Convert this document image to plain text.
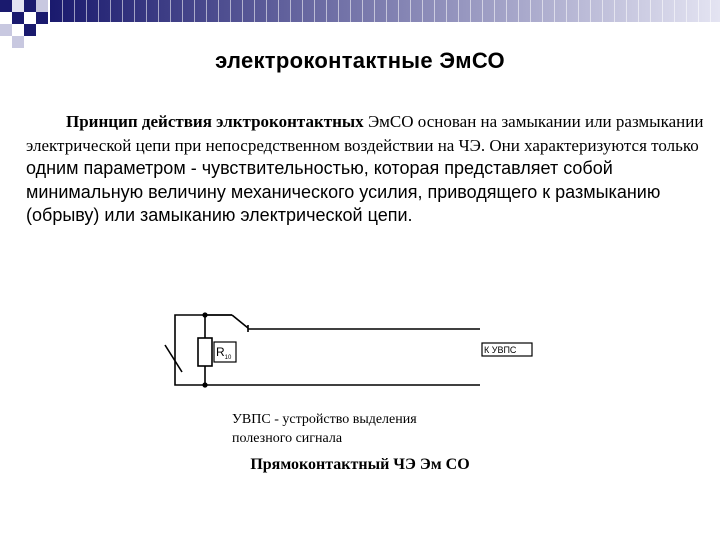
электроконтактные ЭмСО
Принцип действия элктроконтактных ЭмСО основан на замыкании или размыкании электрической цепи при непосредственном воздействии на ЧЭ. Они характеризуются только одним параметром - чувствительностью, которая представляет собой минимальную величину механического усилия, приводящего к размыканию (обрыву) или замыканию электрической цепи.
$R_{10}$
К УВПС
УВПС - устройство выделения
полезного сигнала
Прямоконтактный ЧЭ Эм СО
